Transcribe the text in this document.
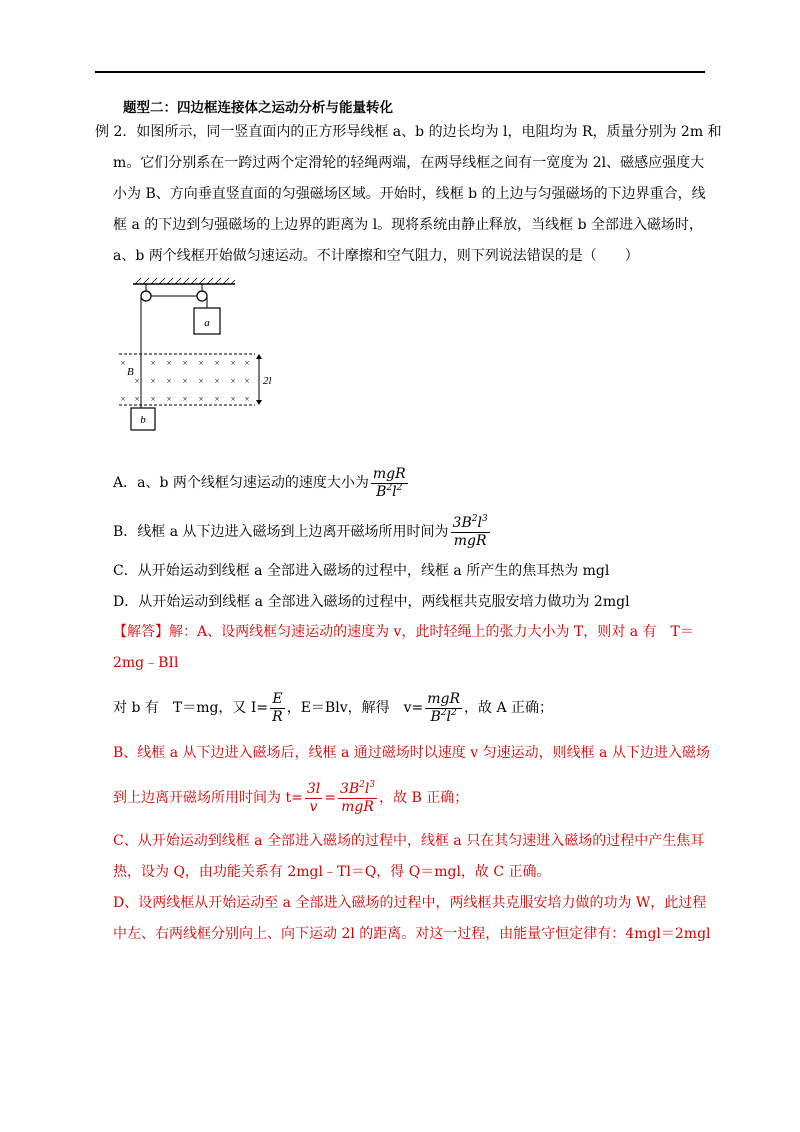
题型二：四边框连接体之运动分析与能量转化
例 2．如图所示，同一竖直面内的正方形导线框 a、b 的边长均为 l，电阻均为 R，质量分别为 2m 和
m。它们分别系在一跨过两个定滑轮的轻绳两端，在两导线框之间有一宽度为 2l、磁感应强度大
小为 B、方向垂直竖直面的匀强磁场区域。开始时，线框 b 的上边与匀强磁场的下边界重合，线
框 a 的下边到匀强磁场的上边界的距离为 l。现将系统由静止释放，当线框 b 全部进入磁场时，
a、b 两个线框开始做匀速运动。不计摩擦和空气阻力，则下列说法错误的是（　　）
a
×	× × × × × × ×
× × × × × × × ×
× × × × × × × × ×
B
2l
b
A．a、b 两个线框匀速运动的速度大小为 $\frac{\text{mgR}}{B^2l^2}$
B．线框 a 从下边进入磁场到上边离开磁场所用时间为 $\frac{3B^2l^3}{\text{mgR}}$
C．从开始运动到线框 a 全部进入磁场的过程中，线框 a 所产生的焦耳热为 mgl
D．从开始运动到线框 a 全部进入磁场的过程中，两线框共克服安培力做功为 2mgl
【解答】解：A、设两线框匀速运动的速度为 v，此时轻绳上的张力大小为 T，则对 a 有　T＝
2mg﹣BIl
对 b 有　T＝mg，又 $I= \frac{E}{R}$ ，E＝Blv，解得　$v= \frac{\text{mgR}}{B^2l^2}$ ，故 A 正确；
B、线框 a 从下边进入磁场后，线框 a 通过磁场时以速度 v 匀速运动，则线框 a 从下边进入磁场
到上边离开磁场所用时间为 $t= \frac{3l}{v} = \frac{3B^2l^3}{\text{mgR}}$ ，故 B 正确；
C、从开始运动到线框 a 全部进入磁场的过程中，线框 a 只在其匀速进入磁场的过程中产生焦耳
热，设为 Q，由功能关系有 2mgl﹣Tl＝Q，得 Q＝mgl，故 C 正确。
D、设两线框从开始运动至 a 全部进入磁场的过程中，两线框共克服安培力做的功为 W，此过程
中左、右两线框分别向上、向下运动 2l 的距离。对这一过程，由能量守恒定律有：4mgl＝2mgl
